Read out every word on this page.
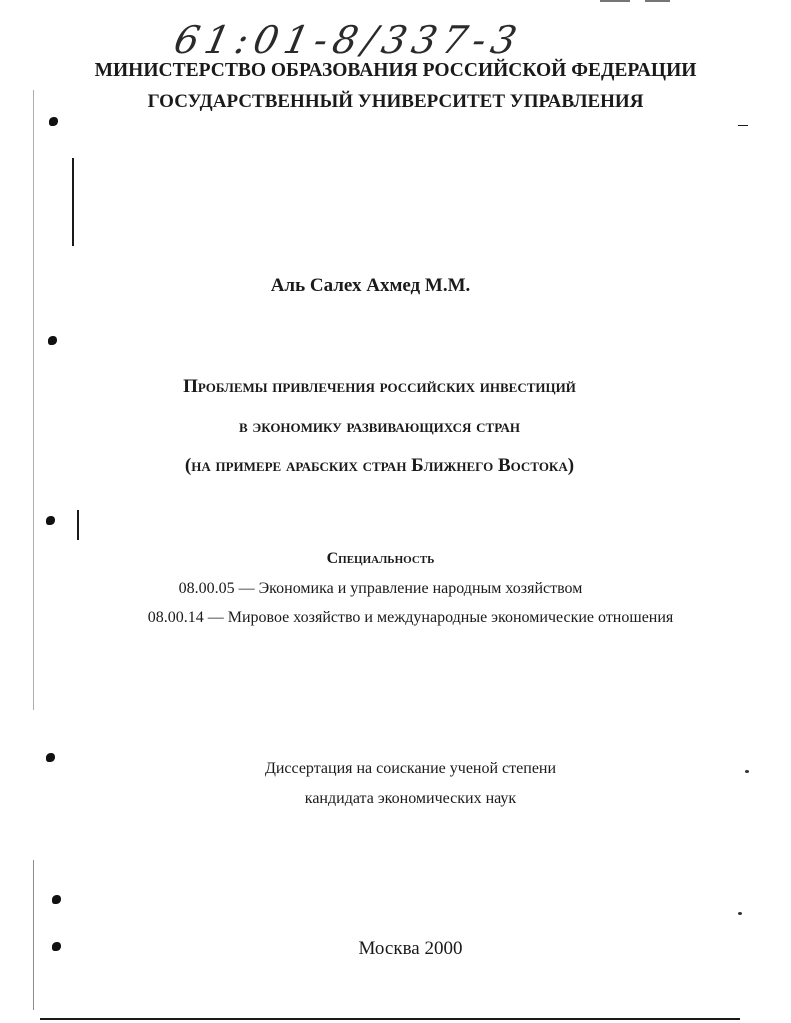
61:01-8/337-3
МИНИСТЕРСТВО ОБРАЗОВАНИЯ РОССИЙСКОЙ ФЕДЕРАЦИИ
ГОСУДАРСТВЕННЫЙ УНИВЕРСИТЕТ УПРАВЛЕНИЯ
Аль Салех Ахмед М.М.
Проблемы привлечения российских инвестиций
в экономику развивающихся стран
(на примере арабских стран Ближнего Востока)
Специальность
08.00.05 — Экономика и управление народным хозяйством
08.00.14 — Мировое хозяйство и международные экономические отношения
Диссертация на соискание ученой степени
кандидата экономических наук
Москва 2000
